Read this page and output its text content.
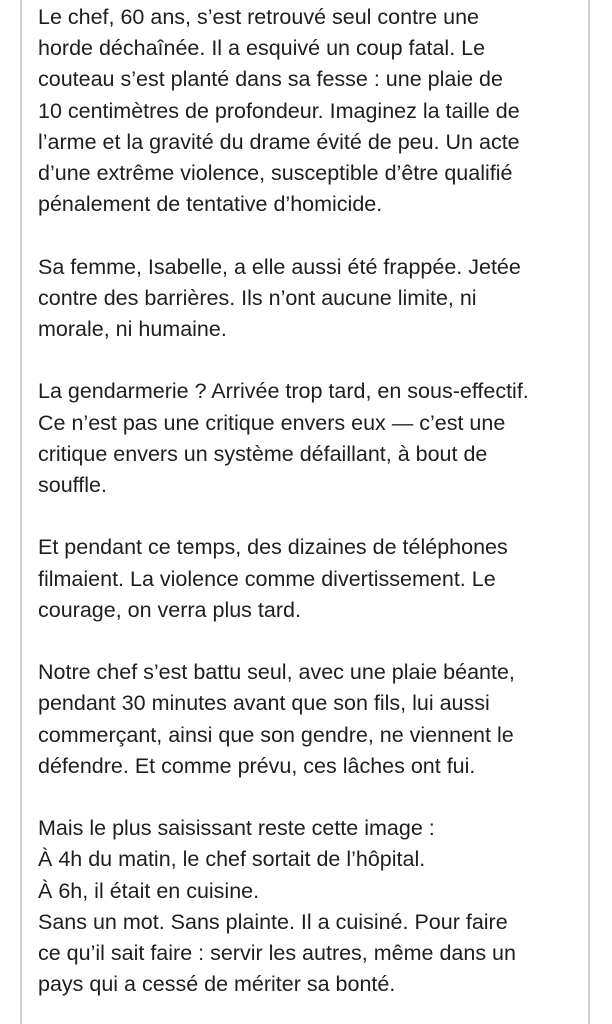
Le chef, 60 ans, s’est retrouvé seul contre une
horde déchaînée. Il a esquivé un coup fatal. Le
couteau s’est planté dans sa fesse : une plaie de
10 centimètres de profondeur. Imaginez la taille de
l’arme et la gravité du drame évité de peu. Un acte
d’une extrême violence, susceptible d’être qualifié
pénalement de tentative d’homicide.

Sa femme, Isabelle, a elle aussi été frappée. Jetée
contre des barrières. Ils n’ont aucune limite, ni
morale, ni humaine.

La gendarmerie ? Arrivée trop tard, en sous-effectif.
Ce n’est pas une critique envers eux — c’est une
critique envers un système défaillant, à bout de
souffle.

Et pendant ce temps, des dizaines de téléphones
filmaient. La violence comme divertissement. Le
courage, on verra plus tard.

Notre chef s’est battu seul, avec une plaie béante,
pendant 30 minutes avant que son fils, lui aussi
commerçant, ainsi que son gendre, ne viennent le
défendre. Et comme prévu, ces lâches ont fui.

Mais le plus saisissant reste cette image :
À 4h du matin, le chef sortait de l’hôpital.
À 6h, il était en cuisine.
Sans un mot. Sans plainte. Il a cuisiné. Pour faire
ce qu’il sait faire : servir les autres, même dans un
pays qui a cessé de mériter sa bonté.
